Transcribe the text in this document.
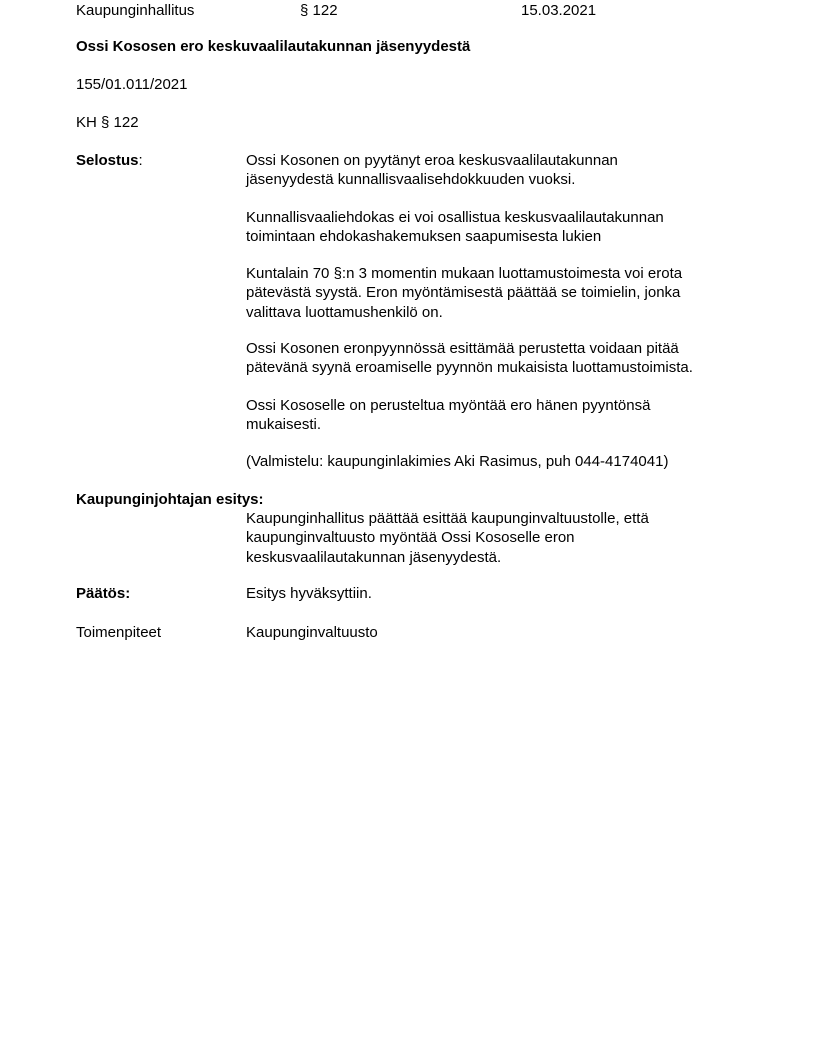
Kaupunginhallitus	§ 122	15.03.2021
Ossi Kososen ero keskuvaalilautakunnan jäsenyydestä
155/01.011/2021
KH § 122
Selostus:	Ossi Kosonen on pyytänyt eroa keskusvaalilautakunnan
jäsenyydestä kunnallisvaalisehdokkuuden vuoksi.
Kunnallisvaaliehdokas ei voi osallistua keskusvaalilautakunnan
toimintaan ehdokashakemuksen saapumisesta lukien
Kuntalain 70 §:n 3 momentin mukaan luottamustoimesta voi erota
pätevästä syystä. Eron myöntämisestä päättää se toimielin, jonka
valittava luottamushenkilö on.
Ossi Kosonen eronpyynnössä esittämää perustetta voidaan pitää
pätevänä syynä eroamiselle pyynnön mukaisista luottamustoimista.
Ossi Kososelle on perusteltua myöntää ero hänen pyyntönsä
mukaisesti.
(Valmistelu: kaupunginlakimies Aki Rasimus, puh 044-4174041)
Kaupunginjohtajan esitys:
Kaupunginhallitus päättää esittää kaupunginvaltuustolle, että
kaupunginvaltuusto myöntää Ossi Kososelle eron
keskusvaalilautakunnan jäsenyydestä.
Päätös:	Esitys hyväksyttiin.
Toimenpiteet	Kaupunginvaltuusto
